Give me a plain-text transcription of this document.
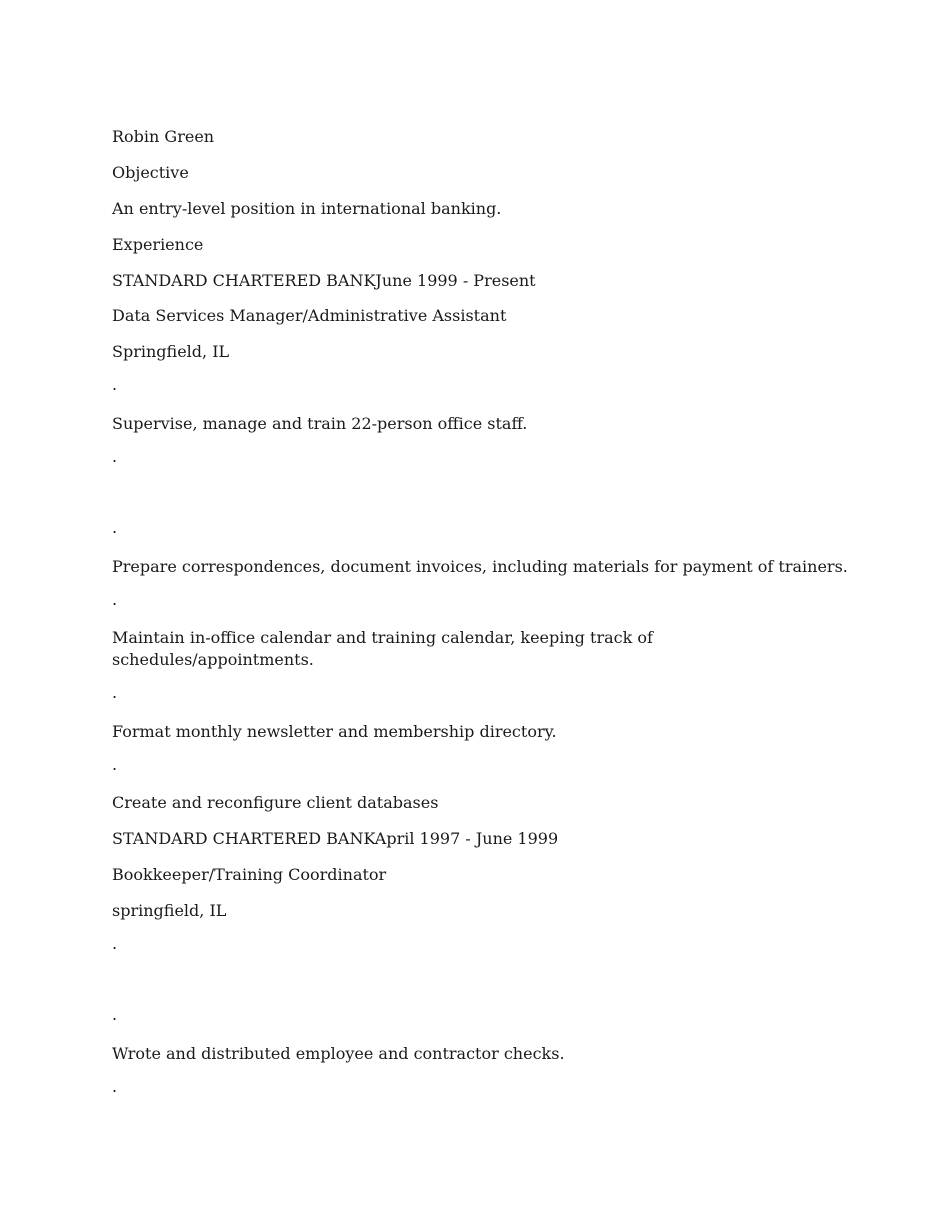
Robin Green
Objective
An entry-level position in international banking.
Experience
STANDARD CHARTERED BANKJune 1999 - Present
Data Services Manager/Administrative Assistant
Springfield, IL
.
Supervise, manage and train 22-person office staff.
.
.
Prepare correspondences, document invoices, including materials for payment of trainers.
.
Maintain in-office calendar and training calendar, keeping track of schedules/appointments.
.
Format monthly newsletter and membership directory.
.
Create and reconfigure client databases
STANDARD CHARTERED BANKApril 1997 - June 1999
Bookkeeper/Training Coordinator
springfield, IL
.
.
Wrote and distributed employee and contractor checks.
.
